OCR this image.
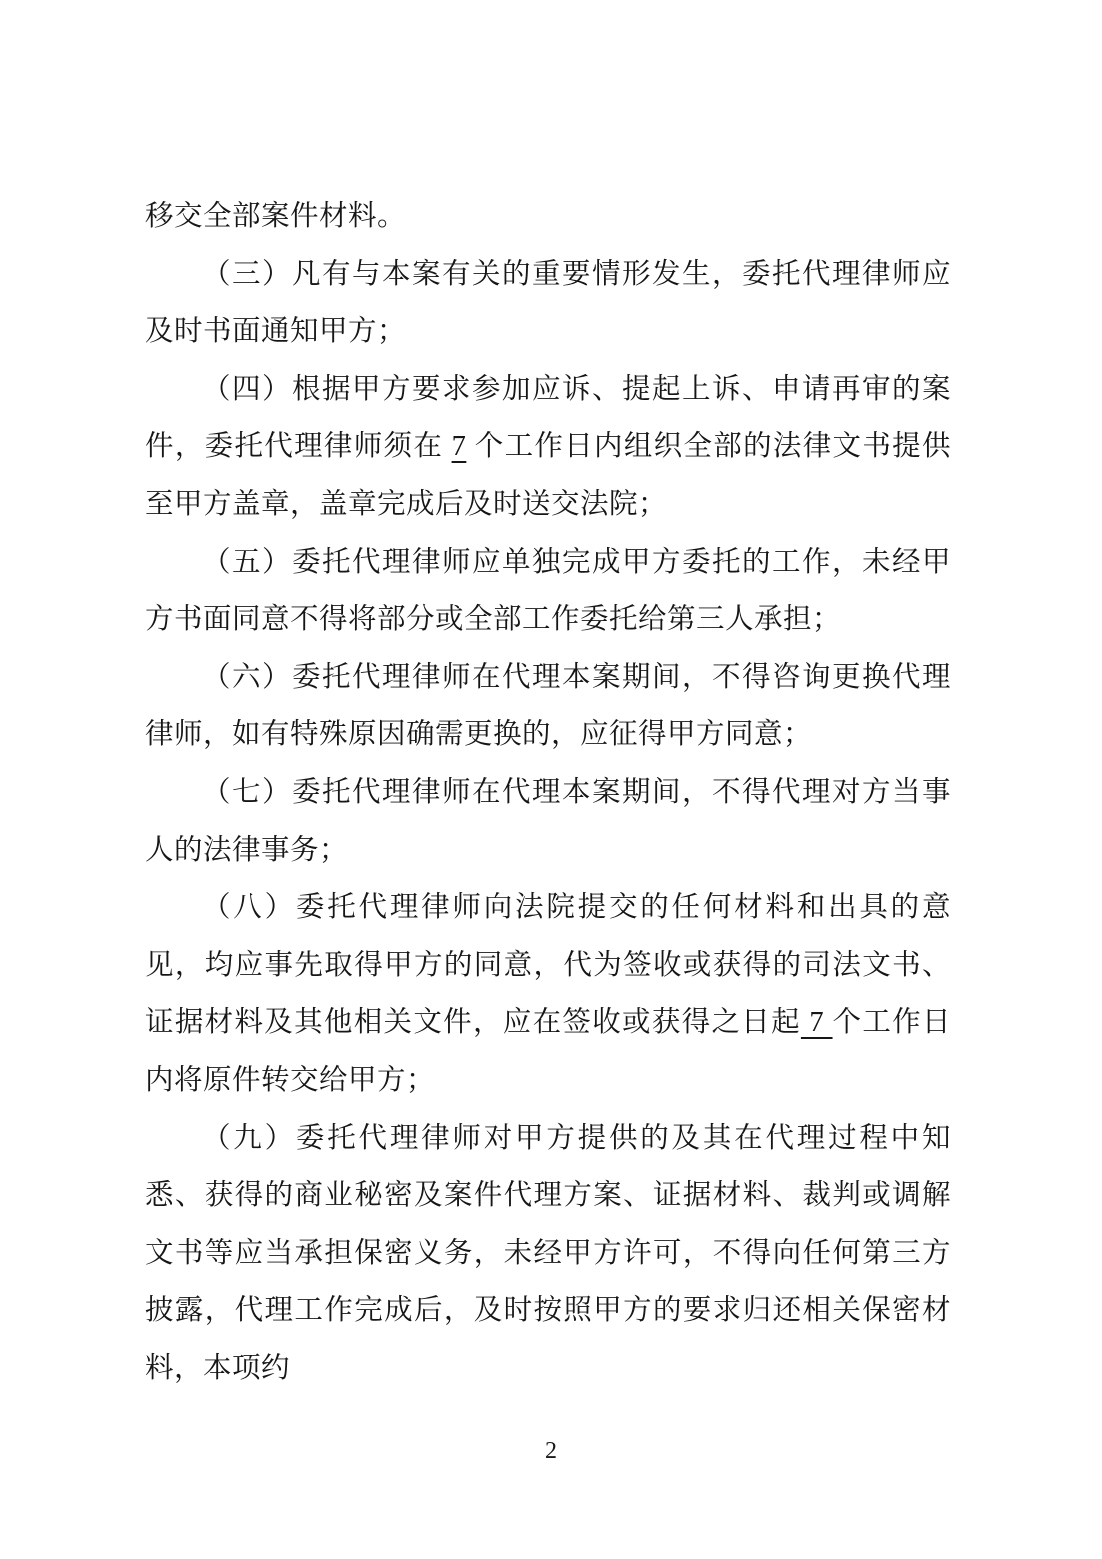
移交全部案件材料。

（三）凡有与本案有关的重要情形发生，委托代理律师应及时书面通知甲方；

（四）根据甲方要求参加应诉、提起上诉、申请再审的案件，委托代理律师须在 7 个工作日内组织全部的法律文书提供至甲方盖章，盖章完成后及时送交法院；

（五）委托代理律师应单独完成甲方委托的工作，未经甲方书面同意不得将部分或全部工作委托给第三人承担；

（六）委托代理律师在代理本案期间，不得咨询更换代理律师，如有特殊原因确需更换的，应征得甲方同意；

（七）委托代理律师在代理本案期间，不得代理对方当事人的法律事务；

（八）委托代理律师向法院提交的任何材料和出具的意见，均应事先取得甲方的同意，代为签收或获得的司法文书、证据材料及其他相关文件，应在签收或获得之日起 7 个工作日内将原件转交给甲方；

（九）委托代理律师对甲方提供的及其在代理过程中知悉、获得的商业秘密及案件代理方案、证据材料、裁判或调解文书等应当承担保密义务，未经甲方许可，不得向任何第三方披露，代理工作完成后，及时按照甲方的要求归还相关保密材料，本项约

2
